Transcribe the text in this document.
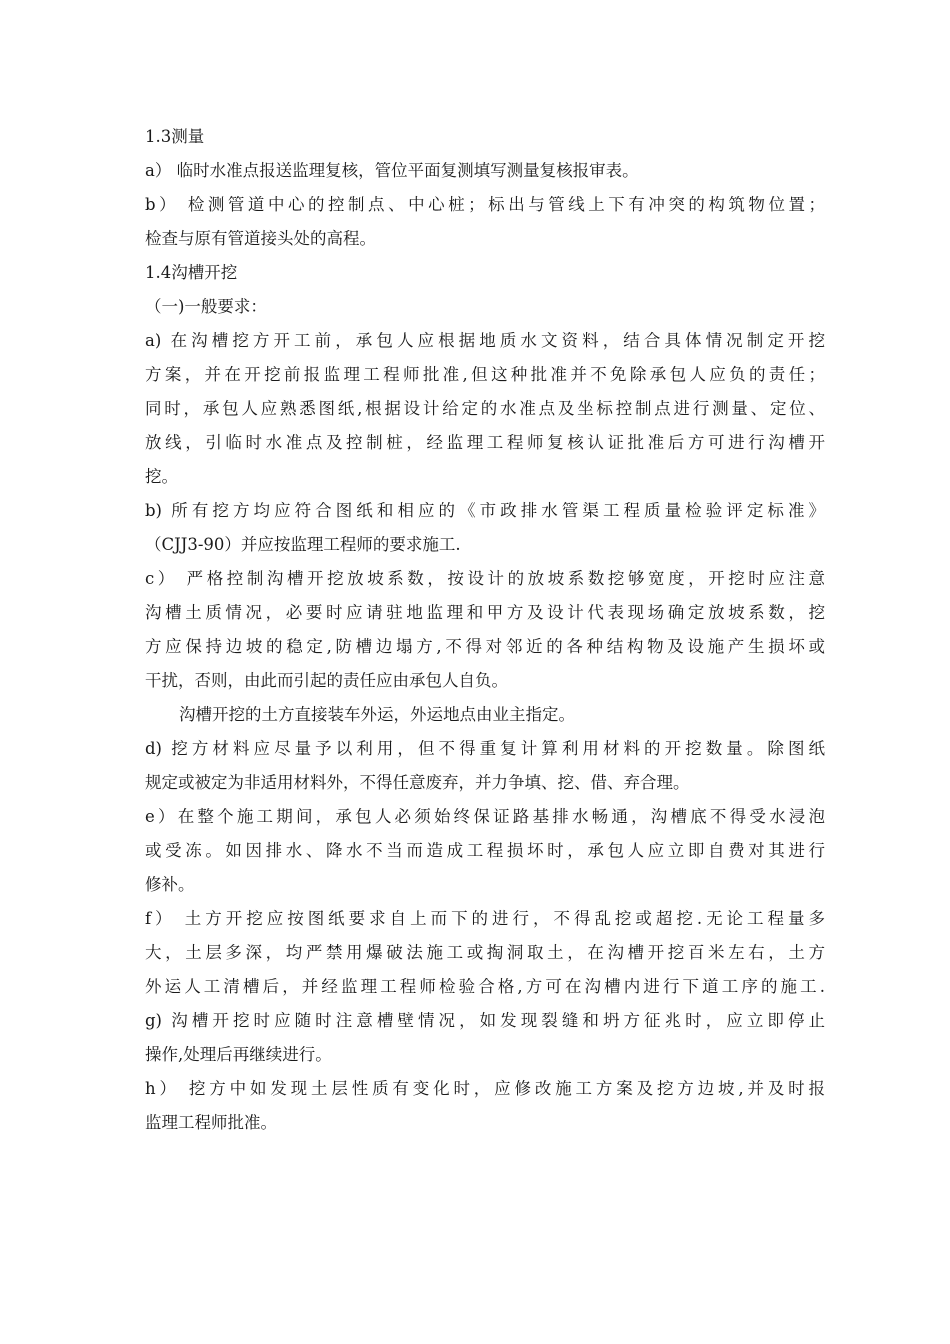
1.3测量
a） 临时水准点报送监理复核，管位平面复测填写测量复核报审表。
b） 检测管道中心的控制点、中心桩；标出与管线上下有冲突的构筑物位置；
检查与原有管道接头处的高程。
1.4沟槽开挖
（一)一般要求：
a) 在沟槽挖方开工前，承包人应根据地质水文资料，结合具体情况制定开挖
方案，并在开挖前报监理工程师批准,但这种批准并不免除承包人应负的责任；
同时，承包人应熟悉图纸,根据设计给定的水准点及坐标控制点进行测量、定位、
放线，引临时水准点及控制桩，经监理工程师复核认证批准后方可进行沟槽开
挖。
b) 所有挖方均应符合图纸和相应的《市政排水管渠工程质量检验评定标准》
（CJJ3-90）并应按监理工程师的要求施工.
c） 严格控制沟槽开挖放坡系数，按设计的放坡系数挖够宽度，开挖时应注意
沟槽土质情况，必要时应请驻地监理和甲方及设计代表现场确定放坡系数，挖
方应保持边坡的稳定,防槽边塌方,不得对邻近的各种结构物及设施产生损坏或
干扰，否则，由此而引起的责任应由承包人自负。
沟槽开挖的土方直接装车外运，外运地点由业主指定。
d) 挖方材料应尽量予以利用，但不得重复计算利用材料的开挖数量。除图纸
规定或被定为非适用材料外，不得任意废弃，并力争填、挖、借、弃合理。
e）在整个施工期间，承包人必须始终保证路基排水畅通，沟槽底不得受水浸泡
或受冻。如因排水、降水不当而造成工程损坏时，承包人应立即自费对其进行
修补。
f） 土方开挖应按图纸要求自上而下的进行，不得乱挖或超挖.无论工程量多
大，土层多深，均严禁用爆破法施工或掏洞取土，在沟槽开挖百米左右，土方
外运人工清槽后，并经监理工程师检验合格,方可在沟槽内进行下道工序的施工.
g) 沟槽开挖时应随时注意槽壁情况，如发现裂缝和坍方征兆时，应立即停止
操作,处理后再继续进行。
h） 挖方中如发现土层性质有变化时，应修改施工方案及挖方边坡,并及时报
监理工程师批准。
